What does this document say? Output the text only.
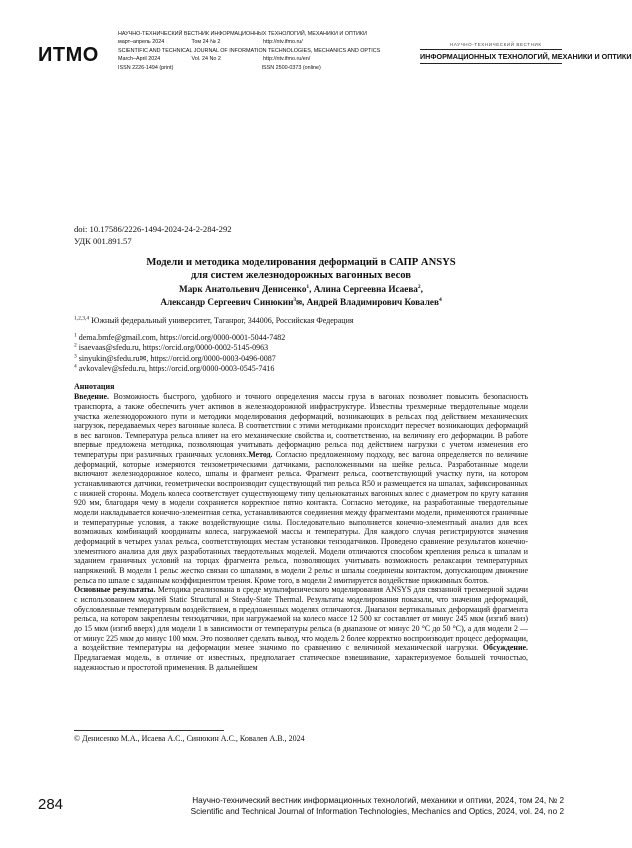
ИТМО
НАУЧНО-ТЕХНИЧЕСКИЙ ВЕСТНИК ИНФОРМАЦИОННЫХ ТЕХНОЛОГИЙ, МЕХАНИКИ И ОПТИКИ
март–апрель 2024	Том 24 № 2	http://ntv.ifmo.ru/
SCIENTIFIC AND TECHNICAL JOURNAL OF INFORMATION TECHNOLOGIES, MECHANICS AND OPTICS
March–April 2024	Vol. 24 No 2	http://ntv.ifmo.ru/en/
ISSN 2226-1494 (print)	ISSN 2500-0373 (online)
НАУЧНО-ТЕХНИЧЕСКИЙ ВЕСТНИК
ИНФОРМАЦИОННЫХ ТЕХНОЛОГИЙ, МЕХАНИКИ И ОПТИКИ
doi: 10.17586/2226-1494-2024-24-2-284-292
УДК 001.891.57
Модели и методика моделирования деформаций в САПР ANSYS
для систем железнодорожных вагонных весов
Марк Анатольевич Денисенко$^1$, Алина Сергеевна Исаева$^2$,
Александр Сергеевич Синюкин$^3$✉, Андрей Владимирович Ковалев$^4$
$^{1,2,3,4}$ Южный федеральный университет, Таганрог, 344006, Российская Федерация
$^1$ dema.bmfe@gmail.com, https://orcid.org/0000-0001-5044-7482
$^2$ isaevaas@sfedu.ru, https://orcid.org/0000-0002-5145-0963
$^3$ sinyukin@sfedu.ru✉, https://orcid.org/0000-0003-0496-0087
$^4$ avkovalev@sfedu.ru, https://orcid.org/0000-0003-0545-7416
Аннотация
Введение. Возможность быстрого, удобного и точного определения массы груза в вагонах позволяет повысить безопасность транспорта, а также обеспечить учет активов в железнодорожной инфраструктуре. Известны трехмерные твердотельные модели участка железнодорожного пути и методики моделирования деформаций, возникающих в рельсах под действием механических нагрузок, передаваемых через вагонные колеса. В соответствии с этими методиками происходит пересчет возникающих деформаций в вес вагонов. Температура рельса влияет на его механические свойства и, соответственно, на величину его деформации. В работе впервые предложена методика, позволяющая учитывать деформацию рельса под действием нагрузки с учетом изменения его температуры при различных граничных условиях.Метод. Согласно предложенному подходу, вес вагона определяется по величине деформаций, которые измеряются тензометрическими датчиками, расположенными на шейке рельса. Разработанные модели включают железнодорожное колесо, шпалы и фрагмент рельса. Фрагмент рельса, соответствующий участку пути, на котором устанавливаются датчики, геометрически воспроизводит существующий тип рельса R50 и размещается на шпалах, зафиксированных с нижней стороны. Модель колеса соответствует существующему типу цельнокатаных вагонных колес с диаметром по кругу катания 920 мм, благодаря чему в модели сохраняется корректное пятно контакта. Согласно методике, на разработанные твердотельные модели накладывается конечно-элементная сетка, устанавливаются соединения между фрагментами модели, применяются граничные и температурные условия, а также воздействующие силы. Последовательно выполняется конечно-элементный анализ для всех возможных комбинаций координаты колеса, нагружаемой массы и температуры. Для каждого случая регистрируются значения деформаций в четырех узлах рельса, соответствующих местам установки тензодатчиков. Проведено сравнение результатов конечно-элементного анализа для двух разработанных твердотельных моделей. Модели отличаются способом крепления рельса к шпалам и заданием граничных условий на торцах фрагмента рельса, позволяющих учитывать возможность релаксации температурных напряжений. В модели 1 рельс жестко связан со шпалами, в модели 2 рельс и шпалы соединены контактом, допускающим движение рельса по шпале с заданным коэффициентом трения. Кроме того, в модели 2 имитируется воздействие прижимных болтов.
Основные результаты. Методика реализована в среде мультифизического моделирования ANSYS для связанной трехмерной задачи с использованием модулей Static Structural и Steady-State Thermal. Результаты моделирования показали, что значения деформаций, обусловленные температурным воздействием, в предложенных моделях отличаются. Диапазон вертикальных деформаций фрагмента рельса, на котором закреплены тензодатчики, при нагружаемой на колесо массе 12 500 кг составляет от минус 245 мкм (изгиб вниз) до 15 мкм (изгиб вверх) для модели 1 в зависимости от температуры рельса (в диапазоне от минус 20 °С до 50 °С), а для модели 2 — от минус 225 мкм до минус 100 мкм. Это позволяет сделать вывод, что модель 2 более корректно воспроизводит процесс деформации, а воздействие температуры на деформации менее значимо по сравнению с величиной механической нагрузки. Обсуждение. Предлагаемая модель, в отличие от известных, предполагает статическое взвешивание, характеризуемое большей точностью, надежностью и простотой применения. В дальнейшем
© Денисенко М.А., Исаева А.С., Синюкин А.С., Ковалев А.В., 2024
284	Научно-технический вестник информационных технологий, механики и оптики, 2024, том 24, № 2
Scientific and Technical Journal of Information Technologies, Mechanics and Optics, 2024, vol. 24, no 2
